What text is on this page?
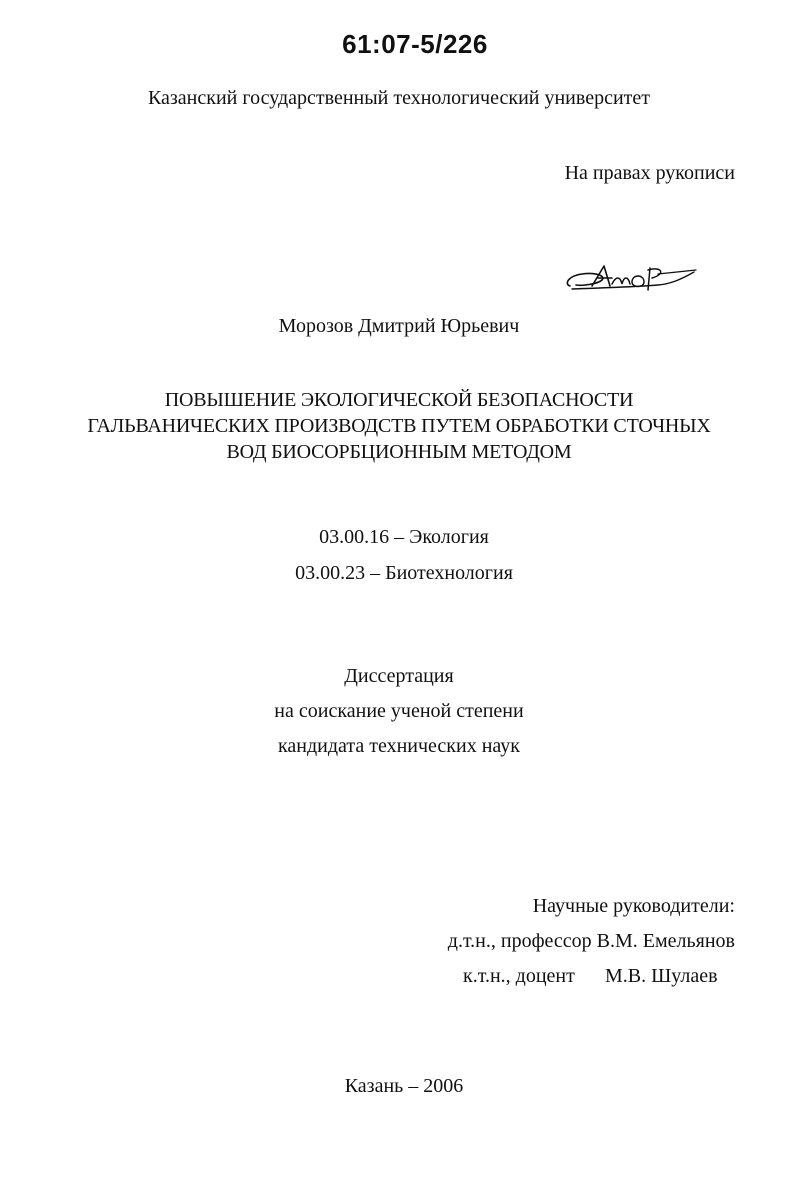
61:07-5/226
Казанский государственный технологический университет
На правах рукописи
Морозов Дмитрий Юрьевич
ПОВЫШЕНИЕ ЭКОЛОГИЧЕСКОЙ БЕЗОПАСНОСТИ
ГАЛЬВАНИЧЕСКИХ ПРОИЗВОДСТВ ПУТЕМ ОБРАБОТКИ СТОЧНЫХ
ВОД БИОСОРБЦИОННЫМ МЕТОДОМ
03.00.16 – Экология
03.00.23 – Биотехнология
Диссертация
на соискание ученой степени
кандидата технических наук
Научные руководители:
д.т.н., профессор В.М. Емельянов
к.т.н., доцент М.В. Шулаев
Казань – 2006
